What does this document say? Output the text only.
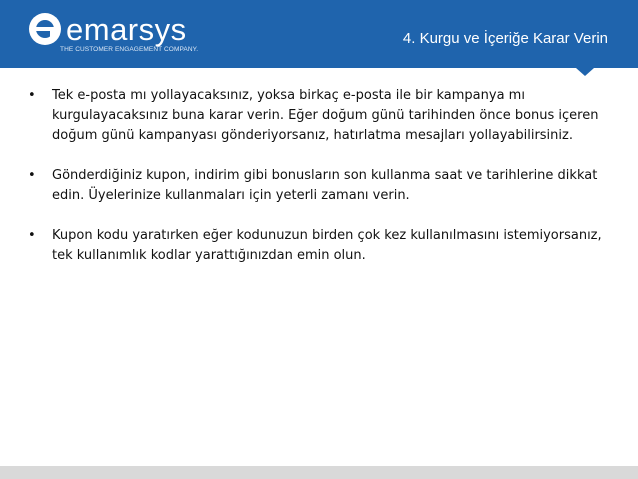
emarsys
THE CUSTOMER ENGAGEMENT COMPANY.
4. Kurgu ve İçeriğe Karar Verin
• Tek e-posta mı yollayacaksınız, yoksa birkaç e-posta ile bir kampanya mı kurgulayacaksınız buna karar verin. Eğer doğum günü tarihinden önce bonus içeren doğum günü kampanyası gönderiyorsanız, hatırlatma mesajları yollayabilirsiniz.
• Gönderdiğiniz kupon, indirim gibi bonusların son kullanma saat ve tarihlerine dikkat edin. Üyelerinize kullanmaları için yeterli zamanı verin.
• Kupon kodu yaratırken eğer kodunuzun birden çok kez kullanılmasını istemiyorsanız, tek kullanımlık kodlar yarattığınızdan emin olun.
